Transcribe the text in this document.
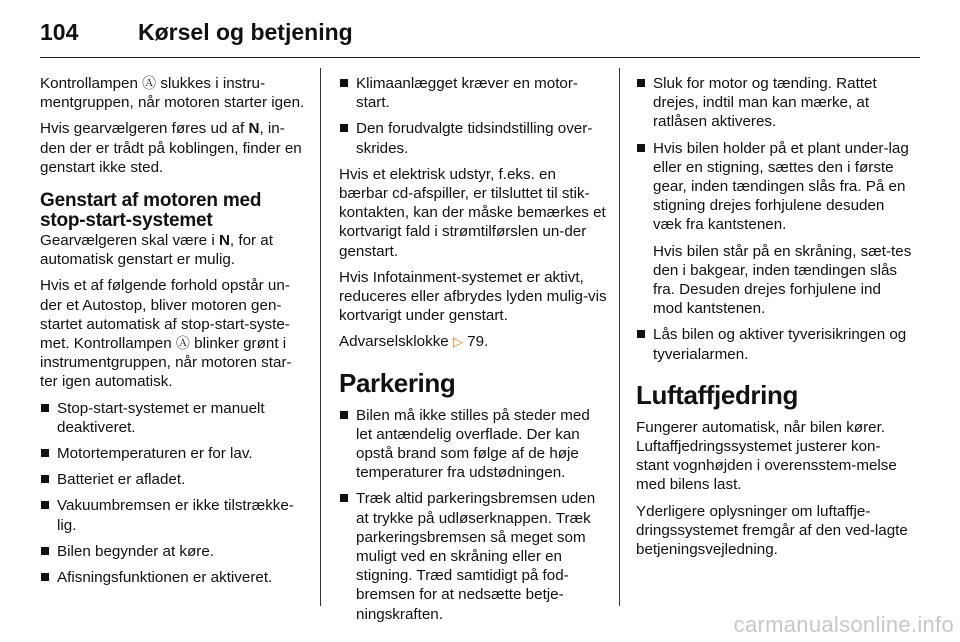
104	Kørsel og betjening

Kontrollampen Ⓐ slukkes i instru-mentgruppen, når motoren starter igen.

Hvis gearvælgeren føres ud af N, in-den der er trådt på koblingen, finder en genstart ikke sted.

Genstart af motoren med stop-start-systemet

Gearvælgeren skal være i N, for at automatisk genstart er mulig.

Hvis et af følgende forhold opstår un-der et Autostop, bliver motoren gen-startet automatisk af stop-start-syste-met. Kontrollampen Ⓐ blinker grønt i instrumentgruppen, når motoren star-ter igen automatisk.

Stop-start-systemet er manuelt deaktiveret.
Motortemperaturen er for lav.
Batteriet er afladet.
Vakuumbremsen er ikke tilstrække-lig.
Bilen begynder at køre.
Afisningsfunktionen er aktiveret.
Klimaanlægget kræver en motor-start.
Den forudvalgte tidsindstilling over-skrides.

Hvis et elektrisk udstyr, f.eks. en bærbar cd-afspiller, er tilsluttet til stik-kontakten, kan der måske bemærkes et kortvarigt fald i strømtilførslen un-der genstart.

Hvis Infotainment-systemet er aktivt, reduceres eller afbrydes lyden mulig-vis kortvarigt under genstart.

Advarselsklokke ▷ 79.

Parkering
Bilen må ikke stilles på steder med let antændelig overflade. Der kan opstå brand som følge af de høje temperaturer fra udstødningen.
Træk altid parkeringsbremsen uden at trykke på udløserknappen. Træk parkeringsbremsen så meget som muligt ved en skråning eller en stigning. Træd samtidigt på fod-bremsen for at nedsætte betje-ningskraften.
Sluk for motor og tænding. Rattet drejes, indtil man kan mærke, at ratlåsen aktiveres.
Hvis bilen holder på et plant under-lag eller en stigning, sættes den i første gear, inden tændingen slås fra. På en stigning drejes forhjulene desuden væk fra kantstenen.
Hvis bilen står på en skråning, sæt-tes den i bakgear, inden tændingen slås fra. Desuden drejes forhjulene ind mod kantstenen.
Lås bilen og aktiver tyverisikringen og tyverialarmen.
Luftaffjedring

Fungerer automatisk, når bilen kører. Luftaffjedringssystemet justerer kon-stant vognhøjden i overensstem-melse med bilens last.

Yderligere oplysninger om luftaffje-dringssystemet fremgår af den ved-lagte betjeningsvejledning.

carmanualsonline.info
